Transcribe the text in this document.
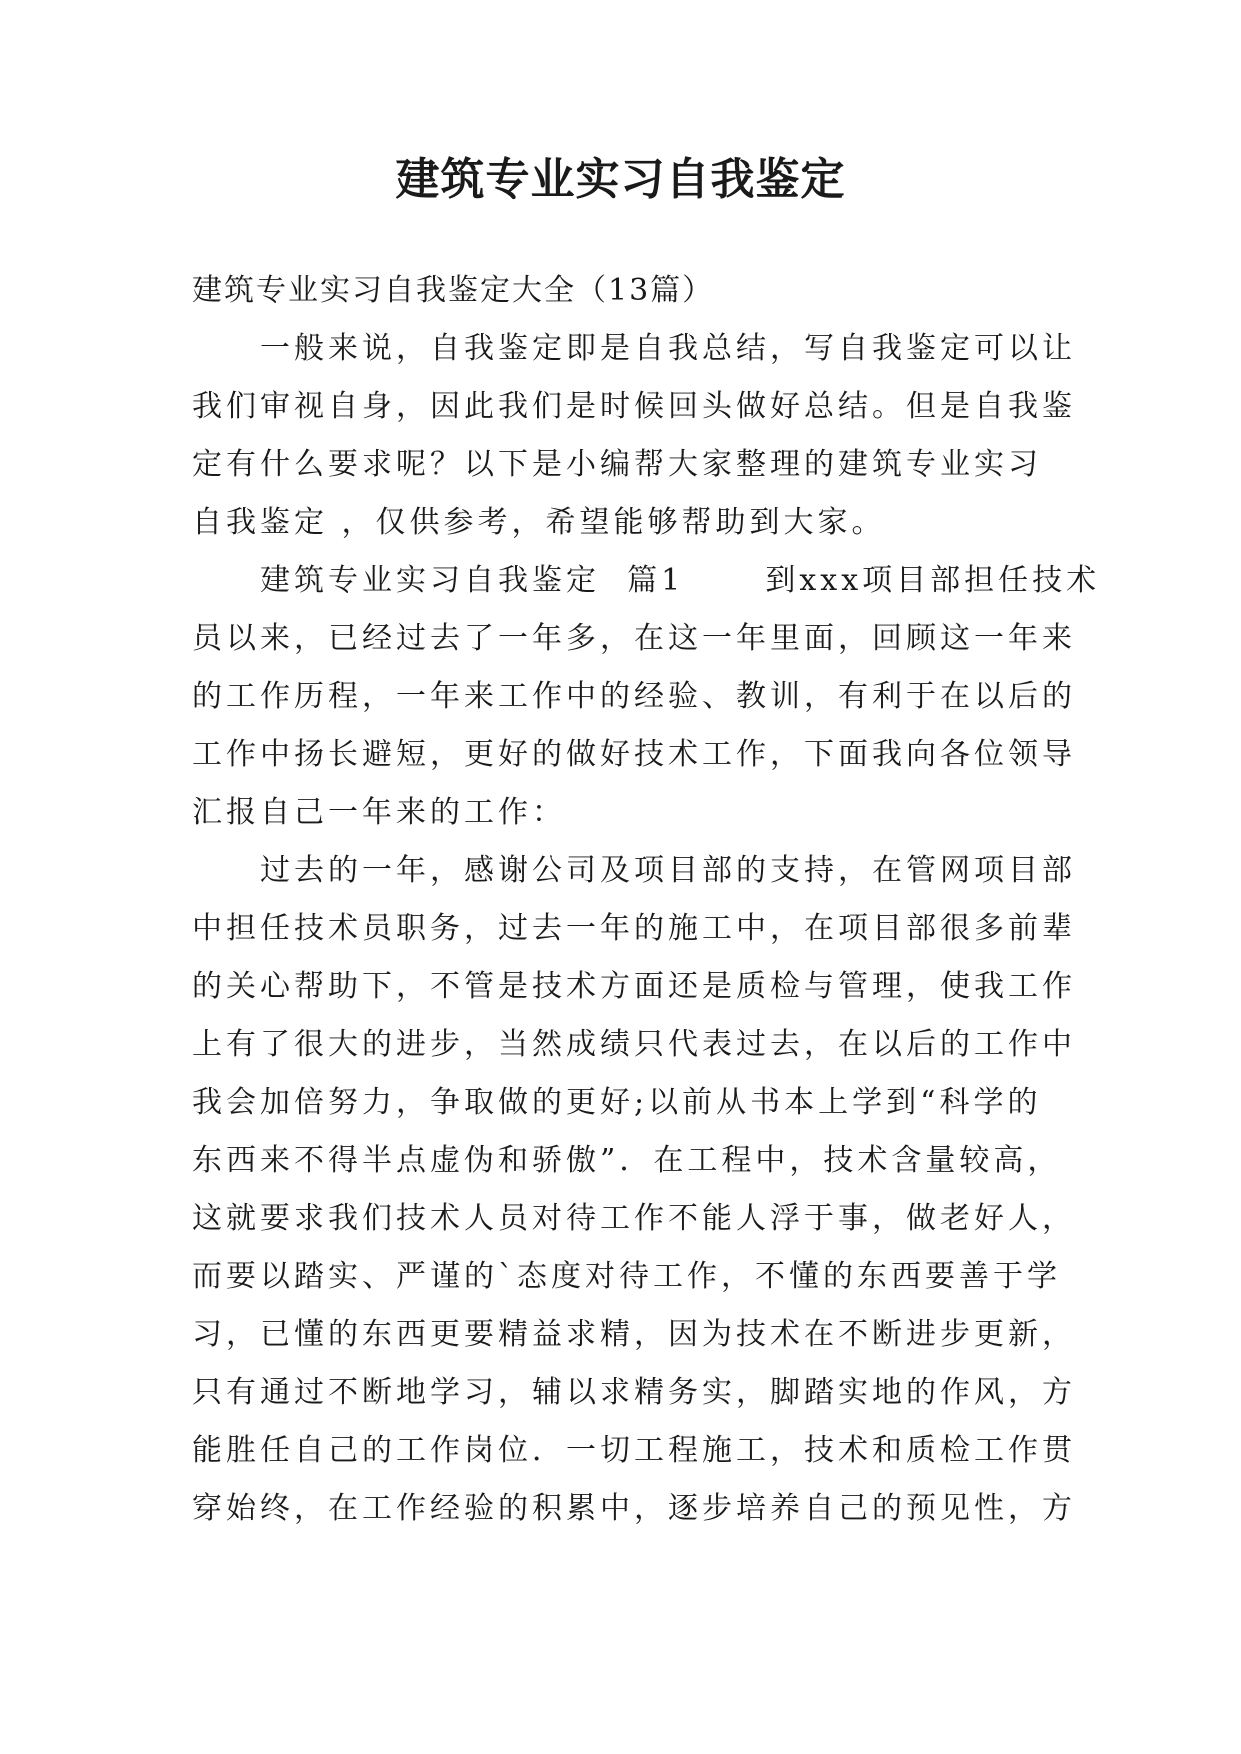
建筑专业实习自我鉴定

建筑专业实习自我鉴定大全（13篇）

一般来说，自我鉴定即是自我总结，写自我鉴定可以让

我们审视自身，因此我们是时候回头做好总结。但是自我鉴

定有什么要求呢？以下是小编帮大家整理的建筑专业实习

自我鉴定 ，仅供参考，希望能够帮助到大家。

建筑专业实习自我鉴定  篇1      到xxx项目部担任技术

员以来，已经过去了一年多，在这一年里面，回顾这一年来

的工作历程，一年来工作中的经验、教训，有利于在以后的

工作中扬长避短，更好的做好技术工作，下面我向各位领导

汇报自己一年来的工作：

过去的一年，感谢公司及项目部的支持，在管网项目部

中担任技术员职务，过去一年的施工中，在项目部很多前辈

的关心帮助下，不管是技术方面还是质检与管理，使我工作

上有了很大的进步，当然成绩只代表过去，在以后的工作中

我会加倍努力，争取做的更好;以前从书本上学到“科学的

东西来不得半点虚伪和骄傲”．在工程中，技术含量较高，

这就要求我们技术人员对待工作不能人浮于事，做老好人，

而要以踏实、严谨的`态度对待工作，不懂的东西要善于学

习，已懂的东西更要精益求精，因为技术在不断进步更新，

只有通过不断地学习，辅以求精务实，脚踏实地的作风，方

能胜任自己的工作岗位．一切工程施工，技术和质检工作贯

穿始终，在工作经验的积累中，逐步培养自己的预见性，方
